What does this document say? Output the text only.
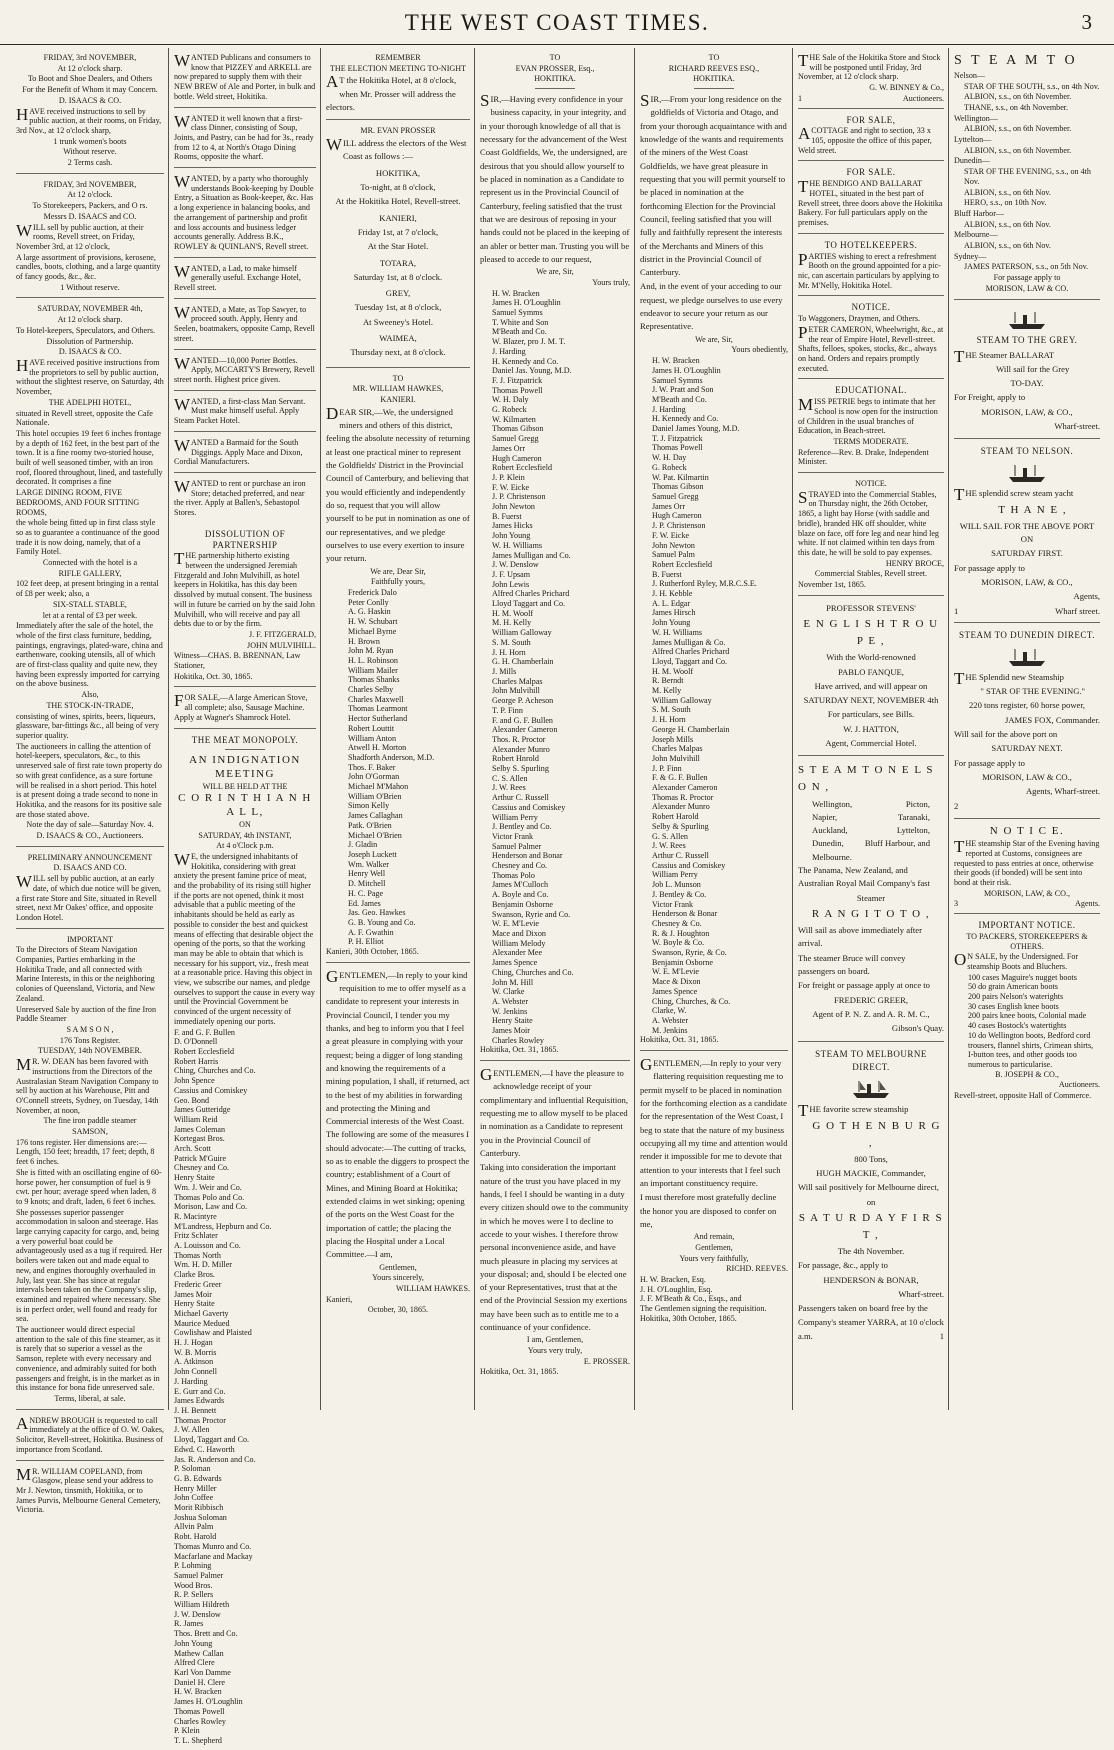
THE WEST COAST TIMES.	3

FRIDAY, 3rd NOVEMBER,

At 12 o'clock sharp.

To Boot and Shoe Dealers, and Others

For the Benefit of Whom it may Concern.

D. ISAACS & CO.

HAVE received instructions to sell by public auction, at their rooms, on Friday, 3rd Nov., at 12 o'clock sharp,

1 trunk women's boots

Without reserve.

2 Terms cash.

FRIDAY, 3rd NOVEMBER,

At 12 o'clock.

To Storekeepers, Packers, and O rs.

Messrs D. ISAACS and CO.

WILL sell by public auction, at their rooms, Revell street, on Friday, November 3rd, at 12 o'clock,

A large assortment of provisions, kerosene, candles, boots, clothing, and a large quantity of fancy goods, &c., &c.

1 Without reserve.

SATURDAY, NOVEMBER 4th,

At 12 o'clock sharp.

To Hotel-keepers, Speculators, and Others.

Dissolution of Partnership.

D. ISAACS & CO.

HAVE received positive instructions from the proprietors to sell by public auction, without the slightest reserve, on Saturday, 4th November,

THE ADELPHI HOTEL,

situated in Revell street, opposite the Cafe Nationale.

This hotel occupies 19 feet 6 inches frontage by a depth of 162 feet, in the best part of the town. It is a fine roomy two-storied house, built of well seasoned timber, with an iron roof, floored throughout, lined, and tastefully decorated. It comprises a fine

LARGE DINING ROOM, FIVE BEDROOMS, AND FOUR SITTING ROOMS,

the whole being fitted up in first class style so as to guarantee a continuance of the good trade it is now doing, namely, that of a Family Hotel.

Connected with the hotel is a

RIFLE GALLERY,

102 feet deep, at present bringing in a rental of £8 per week; also, a

SIX-STALL STABLE,

let at a rental of £3 per week.

Immediately after the sale of the hotel, the whole of the first class furniture, bedding, paintings, engravings, plated-ware, china and earthenware, cooking utensils, all of which are of first-class quality and quite new, they having been expressly imported for carrying on the above business.

Also,

THE STOCK-IN-TRADE,

consisting of wines, spirits, beers, liqueurs, glassware, bar-fittings &c., all being of very superior quality.

The auctioneers in calling the attention of hotel-keepers, speculators, &c., to this unreserved sale of first rate town property do so with great confidence, as a sure fortune will be realised in a short period. This hotel is at present doing a trade second to none in Hokitika, and the reasons for its positive sale are those stated above.

Note the day of sale—Saturday Nov. 4.

D. ISAACS & CO., Auctioneers.

PRELIMINARY ANNOUNCEMENT

D. ISAACS AND CO.

WILL sell by public auction, at an early date, of which due notice will be given, a first rate Store and Site, situated in Revell street, next Mr Oakes' office, and opposite London Hotel.

IMPORTANT

To the Directors of Steam Navigation Companies, Parties embarking in the Hokitika Trade, and all connected with Marine Interests, in this or the neighboring colonies of Queensland, Victoria, and New Zealand.

Unreserved Sale by auction of the fine Iron Paddle Steamer

S A M S O N ,

176 Tons Register.

TUESDAY, 14th NOVEMBER.

MR. W. DEAN has been favored with instructions from the Directors of the Australasian Steam Navigation Company to sell by auction at his Warehouse, Pitt and O'Connell streets, Sydney, on Tuesday, 14th November, at noon,

The fine iron paddle steamer

SAMSON,

176 tons register. Her dimensions are:—Length, 150 feet; breadth, 17 feet; depth, 8 feet 6 inches.

She is fitted with an oscillating engine of 60-horse power, her consumption of fuel is 9 cwt. per hour; average speed when laden, 8 to 9 knots; and draft, laden, 6 feet 6 inches.

She possesses superior passenger accommodation in saloon and steerage. Has large carrying capacity for cargo, and, being a very powerful boat could be advantageously used as a tug if required. Her boilers were taken out and made equal to new, and engines thoroughly overhauled in July, last year. She has since at regular intervals been taken on the Company's slip, examined and repaired where necessary. She is in perfect order, well found and ready for sea.

The auctioneer would direct especial attention to the sale of this fine steamer, as it is rarely that so superior a vessel as the Samson, replete with every necessary and convenience, and admirably suited for both passengers and freight, is in the market as in this instance for bona fide unreserved sale.

Terms, liberal, at sale.

ANDREW BROUGH is requested to call immediately at the office of O. W. Oakes, Solicitor, Revell-street, Hokitika. Business of importance from Scotland.

MR. WILLIAM COPELAND, from Glasgow, please send your address to Mr J. Newton, tinsmith, Hokitika, or to James Purvis, Melbourne General Cemetery, Victoria.

WANTED Publicans and consumers to know that PIZZEY and ARKELL are now prepared to supply them with their NEW BREW of Ale and Porter, in bulk and bottle. Weld street, Hokitika.

WANTED it well known that a first-class Dinner, consisting of Soup, Joints, and Pastry, can be had for 3s., ready from 12 to 4, at North's Otago Dining Rooms, opposite the wharf.

WANTED, by a party who thoroughly understands Book-keeping by Double Entry, a Situation as Book-keeper, &c. Has a long experience in balancing books, and the arrangement of partnership and profit and loss accounts and business ledger accounts generally. Address B.K., ROWLEY & QUINLAN'S, Revell street.

WANTED, a Lad, to make himself generally useful. Exchange Hotel, Revell street.

WANTED, a Mate, as Top Sawyer, to proceed south. Apply, Henry and Seelen, boatmakers, opposite Camp, Revell street.

WANTED—10,000 Porter Bottles. Apply, MCCARTY'S Brewery, Revell street north. Highest price given.

WANTED, a first-class Man Servant. Must make himself useful. Apply Steam Packet Hotel.

WANTED a Barmaid for the South Diggings. Apply Mace and Dixon, Cordial Manufacturers.

WANTED to rent or purchase an iron Store; detached preferred, and near the river. Apply at Ballen's, Sebastopol Stores.

DISSOLUTION OF PARTNERSHIP

THE partnership hitherto existing between the undersigned Jeremiah Fitzgerald and John Mulvihill, as hotel keepers in Hokitika, has this day been dissolved by mutual consent. The business will in future be carried on by the said John Mulvihill, who will receive and pay all debts due to or by the firm.

J. F. FITZGERALD,

JOHN MULVIHILL.

Witness—CHAS. B. BRENNAN, Law Stationer,

Hokitika, Oct. 30, 1865.

FOR SALE,—A large American Stove, all complete; also, Sausage Machine. Apply at Wagner's Shamrock Hotel.

THE MEAT MONOPOLY.

AN INDIGNATION MEETING

WILL BE HELD AT THE

C O R I N T H I A N H A L L,

ON

SATURDAY, 4th INSTANT,

At 4 o'Clock p.m.

WE, the undersigned inhabitants of Hokitika, considering with great anxiety the present famine price of meat, and the probability of its rising still higher if the ports are not opened, think it most advisable that a public meeting of the inhabitants should be held as early as possible to consider the best and quickest means of effecting that desirable object the opening of the ports, so that the working man may be able to obtain that which is necessary for his support, viz., fresh meat at a reasonable price. Having this object in view, we subscribe our names, and pledge ourselves to support the cause in every way until the Provincial Government be convinced of the urgent necessity of immediately opening our ports.

F. and G. F. Bullen

D. O'Donnell

Robert Ecclesfield

Robert Harris

Ching, Churches and Co.

John Spence

Cassius and Comiskey

Geo. Bond

James Gutteridge

William Reid

James Coleman

Kortegast Bros.

Arch. Scott

Patrick M'Guire

Chesney and Co.

Henry Staite

Wm. J. Weir and Co.

Thomas Polo and Co.

Morison, Law and Co.

R. Macintyre

M'Landress, Hepburn and Co.

Fritz Schlater

A. Louisson and Co.

Thomas North

Wm. H. D. Miller

Clarke Bros.

Frederic Greer

James Moir

Henry Staite

Michael Gaverty

Maurice Medued

Cowlishaw and Plaisted

H. J. Hogan

W. B. Morris

A. Atkinson

John Connell

J. Harding

E. Gurr and Co.

James Edwards

J. H. Bennett

Thomas Proctor

J. W. Allen

Lloyd, Taggart and Co.

Edwd. C. Haworth

Jas. R. Anderson and Co.

P. Soloman

G. B. Edwards

Henry Miller

John Coffee

Morit Ribbisch

Joshua Soloman

Allvin Palm

Robt. Harold

Thomas Munro and Co.

Macfarlane and Mackay

P. Lohming

Samuel Palmer

Wood Bros.

R. P. Sellers

William Hildreth

J. W. Denslow

R. James

Thos. Brett and Co.

John Young

Mathew Callan

Alfred Clere

Karl Von Damme

Daniel H. Clere

H. W. Bracken

James H. O'Loughlin

Thomas Powell

Charles Rowley

P. Klein

T. L. Shepherd

REMEMBER

THE ELECTION MEETING TO-NIGHT

AT the Hokitika Hotel, at 8 o'clock, when Mr. Prosser will address the electors.

MR. EVAN PROSSER

WILL address the electors of the West Coast as follows :—

HOKITIKA,

To-night, at 8 o'clock,

At the Hokitika Hotel, Revell-street.

KANIERI,

Friday 1st, at 7 o'clock,

At the Star Hotel.

TOTARA,

Saturday 1st, at 8 o'clock.

GREY,

Tuesday 1st, at 8 o'clock,

At Sweeney's Hotel.

WAIMEA,

Thursday next, at 8 o'clock.

TO

MR. WILLIAM HAWKES,

KANIERI.

DEAR SIR,—We, the undersigned miners and others of this district, feeling the absolute necessity of returning at least one practical miner to represent the Goldfields' District in the Provincial Council of Canterbury, and believing that you would efficiently and independently do so, request that you will allow yourself to be put in nomination as one of our representatives, and we pledge ourselves to use every exertion to insure your return.

We are, Dear Sir,

Faithfully yours,

Frederick Dalo

Peter Conlly

A. G. Haskin

H. W. Schubart

Michael Byrne

H. Brown

John M. Ryan

H. L. Robinson

William Mailer

Thomas Shanks

Charles Selby

Charles Maxwell

Thomas Learmont

Hector Sutherland

Robert Louttit

William Anton

Atwell H. Morton

Shadforth Anderson, M.D.

Thos. F. Baker

John O'Gorman

Michael M'Mahon

William O'Brien

Simon Kelly

James Callaghan

Patk. O'Brien

Michael O'Brien

J. Gladin

Joseph Luckett

Wm. Walker

Henry Well

D. Mitchell

H. C. Page

Ed. James

Jas. Geo. Hawkes

G. B. Young and Co.

A. F. Gwathin

P. H. Elliot

Kanieri, 30th October, 1865.

GENTLEMEN,—In reply to your kind requisition to me to offer myself as a candidate to represent your interests in Provincial Council, I tender you my thanks, and beg to inform you that I feel a great pleasure in complying with your request; being a digger of long standing and knowing the requirements of a mining population, I shall, if returned, act to the best of my abilities in forwarding and protecting the Mining and Commercial interests of the West Coast. The following are some of the measures I should advocate:—The cutting of tracks, so as to enable the diggers to prospect the country; establishment of a Court of Mines, and Mining Board at Hokitika; extended claims in wet sinking; opening of the ports on the West Coast for the importation of cattle; the placing the placing the Hospital under a Local Committee.—I am,

Gentlemen,

Yours sincerely,

WILLIAM HAWKES.

Kanieri,

October, 30, 1865.

TO

EVAN PROSSER, Esq.,

HOKITIKA.

SIR,—Having every confidence in your business capacity, in your integrity, and in your thorough knowledge of all that is necessary for the advancement of the West Coast Goldfields, We, the undersigned, are desirous that you should allow yourself to be placed in nomination as a Candidate to represent us in the Provincial Council of Canterbury, feeling satisfied that the trust that we are desirous of reposing in your hands could not be placed in the keeping of an abler or better man. Trusting you will be pleased to accede to our request,

We are, Sir,

Yours truly,

H. W. Bracken

James H. O'Loughlin

Samuel Symms

T. White and Son

M'Beath and Co.

W. Blazer, pro J. M. T.

J. Harding

H. Kennedy and Co.

Daniel Jas. Young, M.D.

F. J. Fitzpatrick

Thomas Powell

W. H. Daly

G. Robeck

W. Kilmarten

Thomas Gibson

Samuel Gregg

James Orr

Hugh Cameron

Robert Ecclesfield

J. P. Klein

F. W. Eicke

J. P. Christenson

John Newton

B. Fuerst

James Hicks

John Young

W. H. Williams

James Mulligan and Co.

J. W. Denslow

J. F. Upsam

John Lewis

Alfred Charles Prichard

Lloyd Taggart and Co.

H. M. Woolf

M. H. Kelly

William Galloway

S. M. South

J. H. Horn

G. H. Chamberlain

J. Mills

Charles Malpas

John Mulvihill

George P. Acheson

T. P. Finn

F. and G. F. Bullen

Alexander Cameron

Thos. R. Proctor

Alexander Munro

Robert Hnrold

Selby S. Spurling

C. S. Allen

J. W. Rees

Arthur C. Russell

Cassius and Comiskey

William Perry

J. Bentley and Co.

Victor Frank

Samuel Palmer

Henderson and Bonar

Chesney and Co.

Thomas Polo

James M'Culloch

A. Boyle and Co.

Benjamin Osborne

Swanson, Ryrie and Co.

W. E. M'Levie

Mace and Dixon

William Melody

Alexander Mee

James Spence

Ching, Churches and Co.

John M. Hill

W. Clarke

A. Webster

W. Jenkins

Henry Staite

James Moir

Charles Rowley

Hokitika, Oct. 31, 1865.

GENTLEMEN,—I have the pleasure to acknowledge receipt of your complimentary and influential Requisition, requesting me to allow myself to be placed in nomination as a Candidate to represent you in the Provincial Council of Canterbury.

Taking into consideration the important nature of the trust you have placed in my hands, I feel I should be wanting in a duty every citizen should owe to the community in which he moves were I to decline to accede to your wishes. I therefore throw personal inconvenience aside, and have much pleasure in placing my services at your disposal; and, should I be elected one of your Representatives, trust that at the end of the Provincial Session my exertions may have been such as to entitle me to a continuance of your confidence.

I am, Gentlemen,

Yours very truly,

E. PROSSER.

Hokitika, Oct. 31, 1865.

TO

RICHARD REEVES ESQ.,

HOKITIKA.

SIR,—From your long residence on the goldfields of Victoria and Otago, and from your thorough acquaintance with and knowledge of the wants and requirements of the miners of the West Coast Goldfields, we have great pleasure in requesting that you will permit yourself to be placed in nomination at the forthcoming Election for the Provincial Council, feeling satisfied that you will fully and faithfully represent the interests of the Merchants and Miners of this district in the Provincial Council of Canterbury.

And, in the event of your acceding to our request, we pledge ourselves to use every endeavor to secure your return as our Representative.

We are, Sir,

Yours obediently,

H. W. Bracken

James H. O'Loughlin

Samuel Symms

J. W. Pratt and Son

M'Beath and Co.

J. Harding

H. Kennedy and Co.

Daniel James Young, M.D.

T. J. Fitzpatrick

Thomas Powell

W. H. Day

G. Robeck

W. Pat. Kilmartin

Thomas Gibson

Samuel Gregg

James Orr

Hugh Cameron

J. P. Christenson

F. W. Eicke

John Newton

Samuel Palm

Robert Ecclesfield

B. Fuerst

J. Rutherford Ryley, M.R.C.S.E.

J. H. Kebble

A. L. Edgar

James Hirsch

John Young

W. H. Williams

James Mulligan & Co.

Alfred Charles Prichard

Lloyd, Taggart and Co.

H. M. Woolf

R. Berndt

M. Kelly

William Galloway

S. M. South

J. H. Horn

George H. Chamberlain

Joseph Mills

Charles Malpas

John Mulvihill

J. P. Finn

F. & G. F. Bullen

Alexander Cameron

Thomas R. Proctor

Alexander Munro

Robert Harold

Selby & Spurling

G. S. Allen

J. W. Rees

Arthur C. Russell

Cassius and Comiskey

William Perry

Job L. Munson

J. Bentley & Co.

Victor Frank

Henderson & Bonar

Chesney & Co.

R. & J. Houghton

W. Boyle & Co.

Swanson, Ryrie, & Co.

Benjamin Osborne

W. E. M'Levie

Mace & Dixon

James Spence

Ching, Churches, & Co.

Clarke, W.

A. Webster

M. Jenkins

Hokitika, Oct. 31, 1865.

GENTLEMEN,—In reply to your very flattering requisition requesting me to permit myself to be placed in nomination for the forthcoming election as a candidate for the representation of the West Coast, I beg to state that the nature of my business occupying all my time and attention would render it impossible for me to devote that attention to your interests that I feel such an important constituency require.

I must therefore most gratefully decline the honor you are disposed to confer on me,

And remain,

Gentlemen,

Yours very faithfully,

RICHD. REEVES.

H. W. Bracken, Esq.

J. H. O'Loughlin, Esq.

J. F. M'Beath & Co., Esqs., and

The Gentlemen signing the requisition.

Hokitika, 30th October, 1865.

THE Sale of the Hokitika Store and Stock will be postponed until Friday, 3rd November, at 12 o'clock sharp.

G. W. BINNEY & Co.,

1	Auctioneers.

FOR SALE,

ACOTTAGE and right to section, 33 x 105, opposite the office of this paper, Weld street.

FOR SALE.

THE BENDIGO AND BALLARAT HOTEL, situated in the best part of Revell street, three doors above the Hokitika Bakery. For full particulars apply on the premises.

TO HOTELKEEPERS.

PARTIES wishing to erect a refreshment Booth on the ground appointed for a pic-nic, can ascertain particulars by applying to Mr. M'Nelly, Hokitika Hotel.

NOTICE.

To Waggoners, Draymen, and Others.

PETER CAMERON, Wheelwright, &c., at the rear of Empire Hotel, Revell-street. Shafts, felloes, spokes, stocks, &c., always on hand. Orders and repairs promptly executed.

EDUCATIONAL.

MISS PETRIE begs to intimate that her School is now open for the instruction of Children in the usual branches of Education, in Beach-street.

TERMS MODERATE.

Reference—Rev. B. Drake, Independent Minister.

NOTICE.

STRAYED into the Commercial Stables, on Thursday night, the 26th October, 1865, a light bay Horse (with saddle and bridle), branded HK off shoulder, white blaze on face, off fore leg and near hind leg white. If not claimed within ten days from this date, he will be sold to pay expenses.

HENRY BROCE,

Commercial Stables, Revell street.

November 1st, 1865.

PROFESSOR STEVENS'

E N G L I S H T R O U P E ,

With the World-renowned

PABLO FANQUE,

Have arrived, and will appear on

SATURDAY NEXT, NOVEMBER 4th

For particulars, see Bills.

W. J. HATTON,

Agent, Commercial Hotel.

S T E A M T O N E L S O N ,

Wellington,	Picton,
Napier,	Taranaki,
Auckland,	Lyttelton,
Dunedin, Bluff Harbour, and
Melbourne.

The Panama, New Zealand, and Australian Royal Mail Company's fast

Steamer

R A N G I T O T O ,

Will sail as above immediately after arrival.

The steamer Bruce will convey passengers on board.

For freight or passage apply at once to

FREDERIC GREER,

Agent of P. N. Z. and A. R. M. C.,

Gibson's Quay.

STEAM TO MELBOURNE DIRECT.

THE favorite screw steamship

G O T H E N B U R G ,

800 Tons,

HUGH MACKIE, Commander,

Will sail positively for Melbourne direct,

on

S A T U R D A Y F I R S T ,

The 4th November.

For passage, &c., apply to

HENDERSON & BONAR,

Wharf-street.

Passengers taken on board free by the Company's steamer YARRA, at 10 o'clock

a.m.	1

S T E A M T O

Nelson—

STAR OF THE SOUTH, s.s., on 4th Nov.

ALBION, s.s., on 6th November.

THANE, s.s., on 4th November.

Wellington—

ALBION, s.s., on 6th November.

Lyttelton—

ALBION, s.s., on 6th November.

Dunedin—

STAR OF THE EVENING, s.s., on 4th Nov.

ALBION, s.s., on 6th Nov.

HERO, s.s., on 10th Nov.

Bluff Harbor—

ALBION, s.s., on 6th Nov.

Melbourne—

ALBION, s.s., on 6th Nov.

Sydney—

JAMES PATERSON, s.s., on 5th Nov.

For passage apply to

MORISON, LAW & CO.

STEAM TO THE GREY.

THE Steamer BALLARAT

Will sail for the Grey

TO-DAY.

For Freight, apply to

MORISON, LAW, & CO.,

Wharf-street.

STEAM TO NELSON.

THE splendid screw steam yacht

T H A N E ,

WILL SAIL FOR THE ABOVE PORT ON

SATURDAY FIRST.

For passage apply to

MORISON, LAW, & CO.,

Agents,

1	Wharf street.

STEAM TO DUNEDIN DIRECT.

THE Splendid new Steamship

" STAR OF THE EVENING."

220 tons register, 60 horse power,

JAMES FOX, Commander.

Will sail for the above port on

SATURDAY NEXT.

For passage apply to

MORISON, LAW & CO.,

Agents, Wharf-street.

2

N O T I C E.

THE steamship Star of the Evening having reported at Customs, consignees are requested to pass entries at once, otherwise their goods (if bonded) will be sent into bond at their risk.

MORISON, LAW, & CO.,

3	Agents.

IMPORTANT NOTICE.

TO PACKERS, STOREKEEPERS & OTHERS.

ON SALE, by the Undersigned. For steamship Boots and Bluchers.

100 cases Maguire's nugget boots

50 do grain American boots

200 pairs Nelson's waterights

30 cases English knee boots

200 pairs knee boots, Colonial made

40 cases Bostock's watertights

10 do Wellington boots, Bedford cord trousers, flannel shirts, Crimean shirts, I-button tees, and other goods too numerous to particularise.

B. JOSEPH & CO.,

Auctioneers.

Revell-street, opposite Hall of Commerce.
